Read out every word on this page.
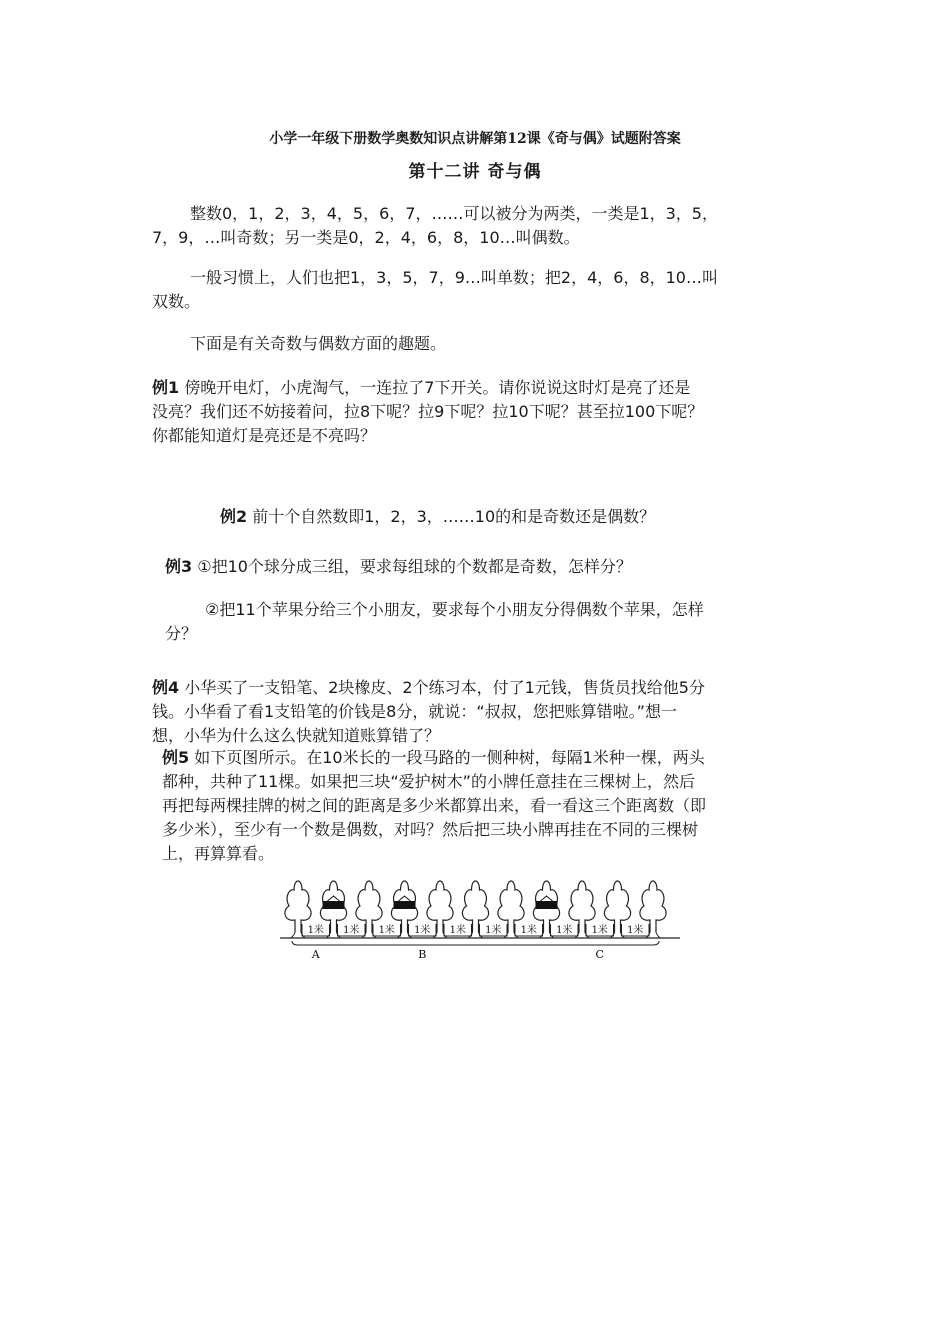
小学一年级下册数学奥数知识点讲解第12课《奇与偶》试题附答案
第十二讲 奇与偶

整数0，1，2，3，4，5，6，7，……可以被分为两类，一类是1，3，5，
7，9，…叫奇数；另一类是0，2，4，6，8，10…叫偶数。

一般习惯上，人们也把1，3，5，7，9…叫单数；把2，4，6，8，10…叫
双数。

下面是有关奇数与偶数方面的趣题。

例1 傍晚开电灯，小虎淘气，一连拉了7下开关。请你说说这时灯是亮了还是
没亮？我们还不妨接着问，拉8下呢？拉9下呢？拉10下呢？甚至拉100下呢？
你都能知道灯是亮还是不亮吗？

例2 前十个自然数即1，2，3，……10的和是奇数还是偶数？

例3 ①把10个球分成三组，要求每组球的个数都是奇数，怎样分？

②把11个苹果分给三个小朋友，要求每个小朋友分得偶数个苹果，怎样
分？

例4 小华买了一支铅笔、2块橡皮、2个练习本，付了1元钱，售货员找给他5分
钱。小华看了看1支铅笔的价钱是8分，就说：“叔叔，您把账算错啦。”想一
想，小华为什么这么快就知道账算错了？

例5 如下页图所示。在10米长的一段马路的一侧种树，每隔1米种一棵，两头
都种，共种了11棵。如果把三块“爱护树木”的小牌任意挂在三棵树上，然后
再把每两棵挂牌的树之间的距离是多少米都算出来，看一看这三个距离数（即
多少米），至少有一个数是偶数，对吗？然后把三块小牌再挂在不同的三棵树
上，再算算看。

1米 1米 1米 1米 1米 1米 1米 1米 1米 1米
A	B	C
